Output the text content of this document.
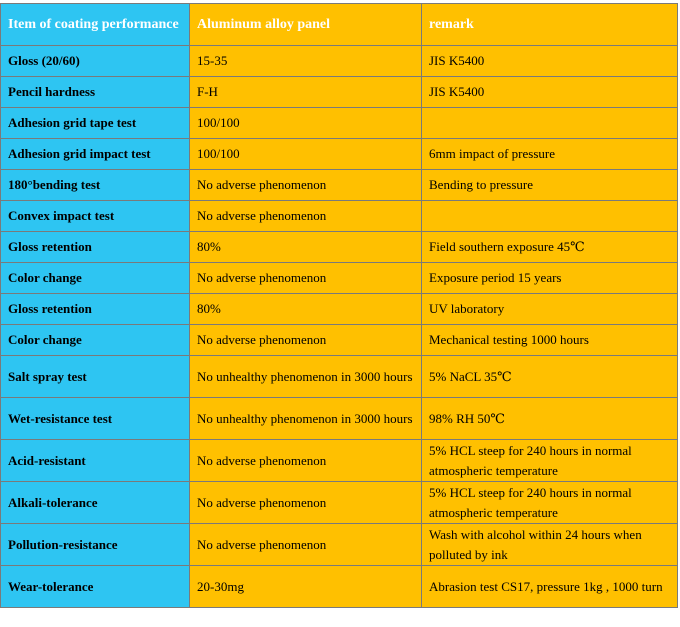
Item of coating performance	Aluminum alloy panel	remark
Gloss (20/60)	15-35	JIS K5400
Pencil hardness	F-H	JIS K5400
Adhesion grid tape test	100/100	
Adhesion grid impact test	100/100	6mm impact of pressure
180°bending test	No adverse phenomenon	Bending to pressure
Convex impact test	No adverse phenomenon	
Gloss retention	80%	Field southern exposure 45℃
Color change	No adverse phenomenon	Exposure period 15 years
Gloss retention	80%	UV laboratory
Color change	No adverse phenomenon	Mechanical testing 1000 hours
Salt spray test	No unhealthy phenomenon in 3000 hours	5% NaCL 35℃
Wet-resistance test	No unhealthy phenomenon in 3000 hours	98% RH 50℃
Acid-resistant	No adverse phenomenon	5% HCL steep for 240 hours in normal atmospheric temperature
Alkali-tolerance	No adverse phenomenon	5% HCL steep for 240 hours in normal atmospheric temperature
Pollution-resistance	No adverse phenomenon	Wash with alcohol within 24 hours when polluted by ink
Wear-tolerance	20-30mg	Abrasion test CS17, pressure 1kg , 1000 turn
